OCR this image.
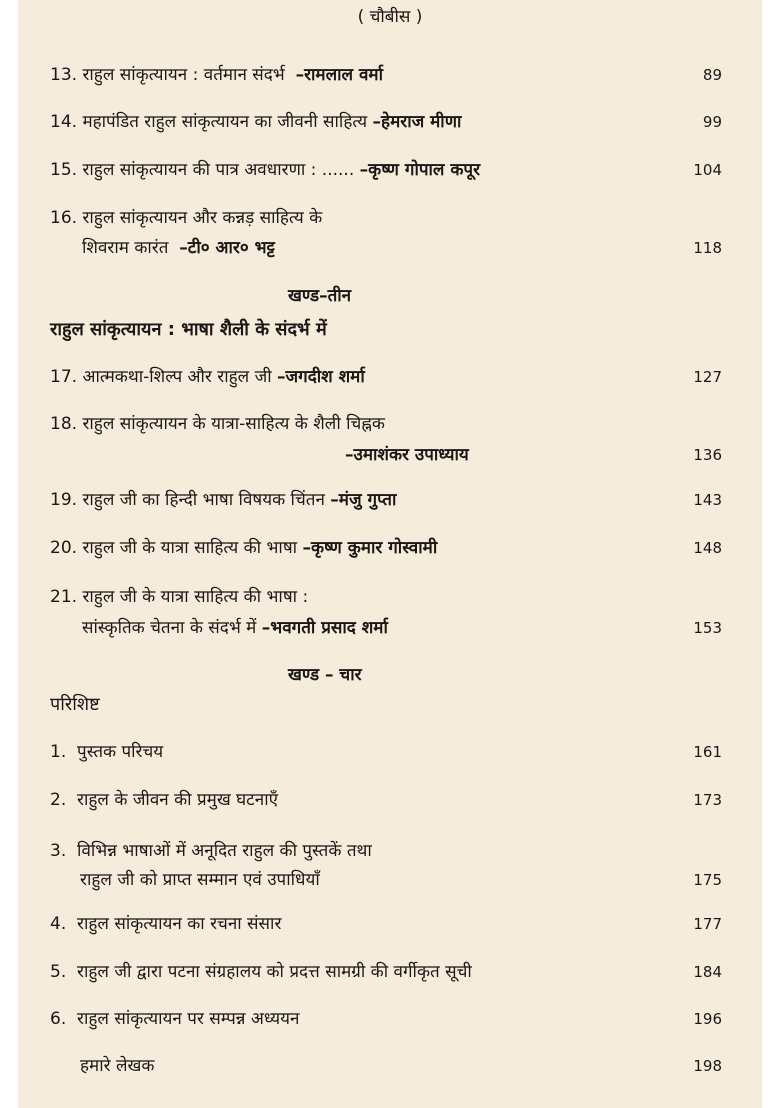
( चौबीस )
13. राहुल सांकृत्यायन : वर्तमान संदर्भ –रामलाल वर्मा	89
14. महापंडित राहुल सांकृत्यायन का जीवनी साहित्य –हेमराज मीणा	99
15. राहुल सांकृत्यायन की पात्र अवधारणा : ...... –कृष्ण गोपाल कपूर	104
16. राहुल सांकृत्यायन और कन्नड़ साहित्य के
शिवराम कारंत –टी० आर० भट्ट	118
खण्ड–तीन
राहुल सांकृत्यायन : भाषा शैली के संदर्भ में
17. आत्मकथा-शिल्प और राहुल जी –जगदीश शर्मा	127
18. राहुल सांकृत्यायन के यात्रा-साहित्य के शैली चिह्नक
–उमाशंकर उपाध्याय	136
19. राहुल जी का हिन्दी भाषा विषयक चिंतन –मंजु गुप्ता	143
20. राहुल जी के यात्रा साहित्य की भाषा –कृष्ण कुमार गोस्वामी	148
21. राहुल जी के यात्रा साहित्य की भाषा :
सांस्कृतिक चेतना के संदर्भ में –भवगती प्रसाद शर्मा	153
खण्ड – चार
परिशिष्ट
1. पुस्तक परिचय	161
2. राहुल के जीवन की प्रमुख घटनाएँ	173
3. विभिन्न भाषाओं में अनूदित राहुल की पुस्तकें तथा
राहुल जी को प्राप्त सम्मान एवं उपाधियाँ	175
4. राहुल सांकृत्यायन का रचना संसार	177
5. राहुल जी द्वारा पटना संग्रहालय को प्रदत्त सामग्री की वर्गीकृत सूची	184
6. राहुल सांकृत्यायन पर सम्पन्न अध्ययन	196
हमारे लेखक	198
